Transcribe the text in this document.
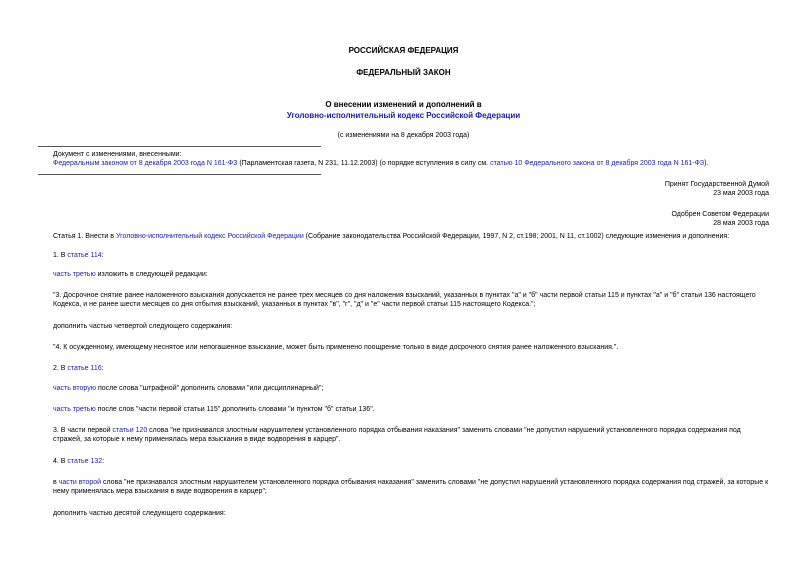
РОССИЙСКАЯ ФЕДЕРАЦИЯ
ФЕДЕРАЛЬНЫЙ ЗАКОН
О внесении изменений и дополнений в
Уголовно-исполнительный кодекс Российской Федерации
(с изменениями на 8 декабря 2003 года)
Документ с изменениями, внесенными:
Федеральным законом от 8 декабря 2003 года N 161-ФЗ (Парламентская газета, N 231, 11.12.2003) (о порядке вступления в силу см. статью 10 Федерального закона от 8 декабря 2003 года N 161-ФЗ).
Принят Государственной Думой
23 мая 2003 года
Одобрен Советом Федерации
28 мая 2003 года
Статья 1. Внести в Уголовно-исполнительный кодекс Российской Федерации (Собрание законодательства Российской Федерации, 1997, N 2, ст.198; 2001, N 11, ст.1002) следующие изменения и дополнения:
1. В статье 114:
часть третью изложить в следующей редакции:
"3. Досрочное снятие ранее наложенного взыскания допускается не ранее трех месяцев со дня наложения взысканий, указанных в пунктах "а" и "б" части первой статьи 115 и пунктах "а" и "б" статьи 136 настоящего Кодекса, и не ранее шести месяцев со дня отбытия взысканий, указанных в пунктах "в", "г", "д" и "е" части первой статьи 115 настоящего Кодекса.";
дополнить частью четвертой следующего содержания:
"4. К осужденному, имеющему неснятое или непогашенное взыскание, может быть применено поощрение только в виде досрочного снятия ранее наложенного взыскания.".
2. В статье 116:
часть вторую после слова "штрафной" дополнить словами "или дисциплинарный";
часть третью после слов "части первой статьи 115" дополнить словами "и пунктом "б" статьи 136".
3. В части первой статьи 120 слова "не признавался злостным нарушителем установленного порядка отбывания наказания" заменить словами "не допустил нарушений установленного порядка содержания под стражей, за которые к нему применялась мера взыскания в виде водворения в карцер".
4. В статье 132:
в части второй слова "не признавался злостным нарушителем установленного порядка отбывания наказания" заменить словами "не допустил нарушений установленного порядка содержания под стражей, за которые к нему применялась мера взыскания в виде водворения в карцер";
дополнить частью десятой следующего содержания:
